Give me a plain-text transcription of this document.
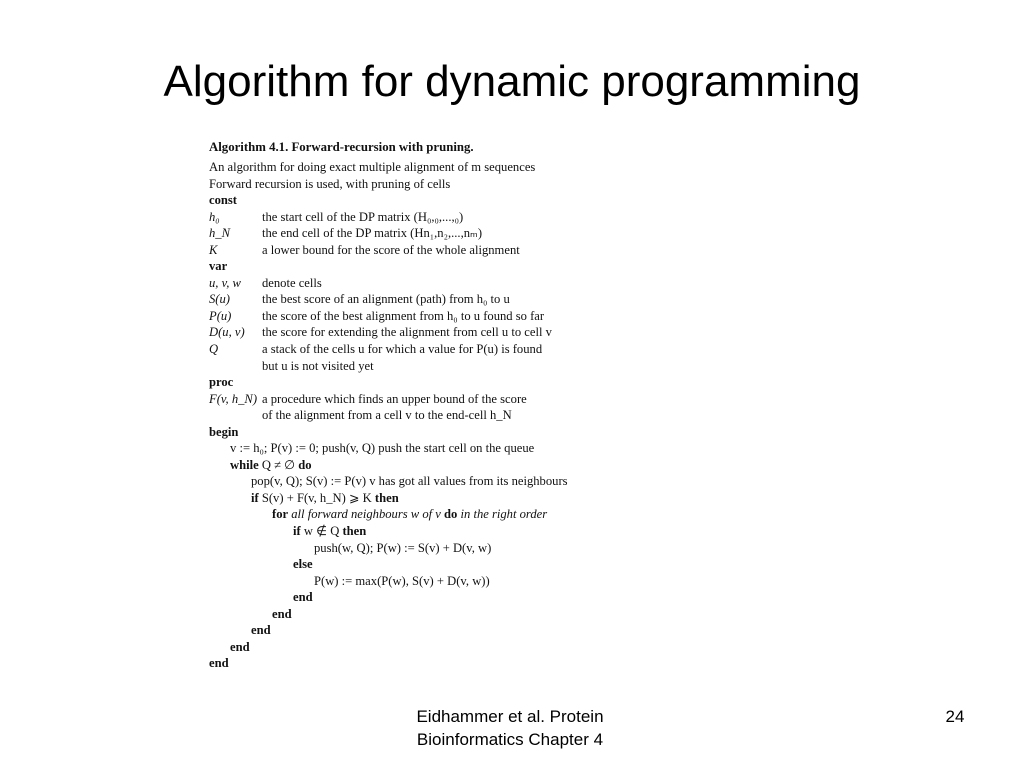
Algorithm for dynamic programming
Algorithm 4.1. Forward-recursion with pruning.
An algorithm for doing exact multiple alignment of m sequences
Forward recursion is used, with pruning of cells
const
h₀	the start cell of the DP matrix (H₀,₀,...,₀)
h_N	the end cell of the DP matrix (Hn₁,n₂,...,nₘ)
K	a lower bound for the score of the whole alignment
var
u, v, w denote cells
S(u)	the best score of an alignment (path) from h₀ to u
P(u) the score of the best alignment from h₀ to u found so far
D(u, v) the score for extending the alignment from cell u to cell v
Q	a stack of the cells u for which a value for P(u) is found
but u is not visited yet
proc
F(v, h_N) a procedure which finds an upper bound of the score
of the alignment from a cell v to the end-cell h_N
begin
v := h₀; P(v) := 0; push(v, Q) push the start cell on the queue
while Q ≠ ∅ do
pop(v, Q); S(v) := P(v) v has got all values from its neighbours
if S(v) + F(v, h_N) ⩾ K then
for all forward neighbours w of v do in the right order
if w ∉ Q then
push(w, Q); P(w) := S(v) + D(v, w)
else
P(w) := max(P(w), S(v) + D(v, w))
end
end
end
end
end
Eidhammer et al. Protein
Bioinformatics Chapter 4
24
